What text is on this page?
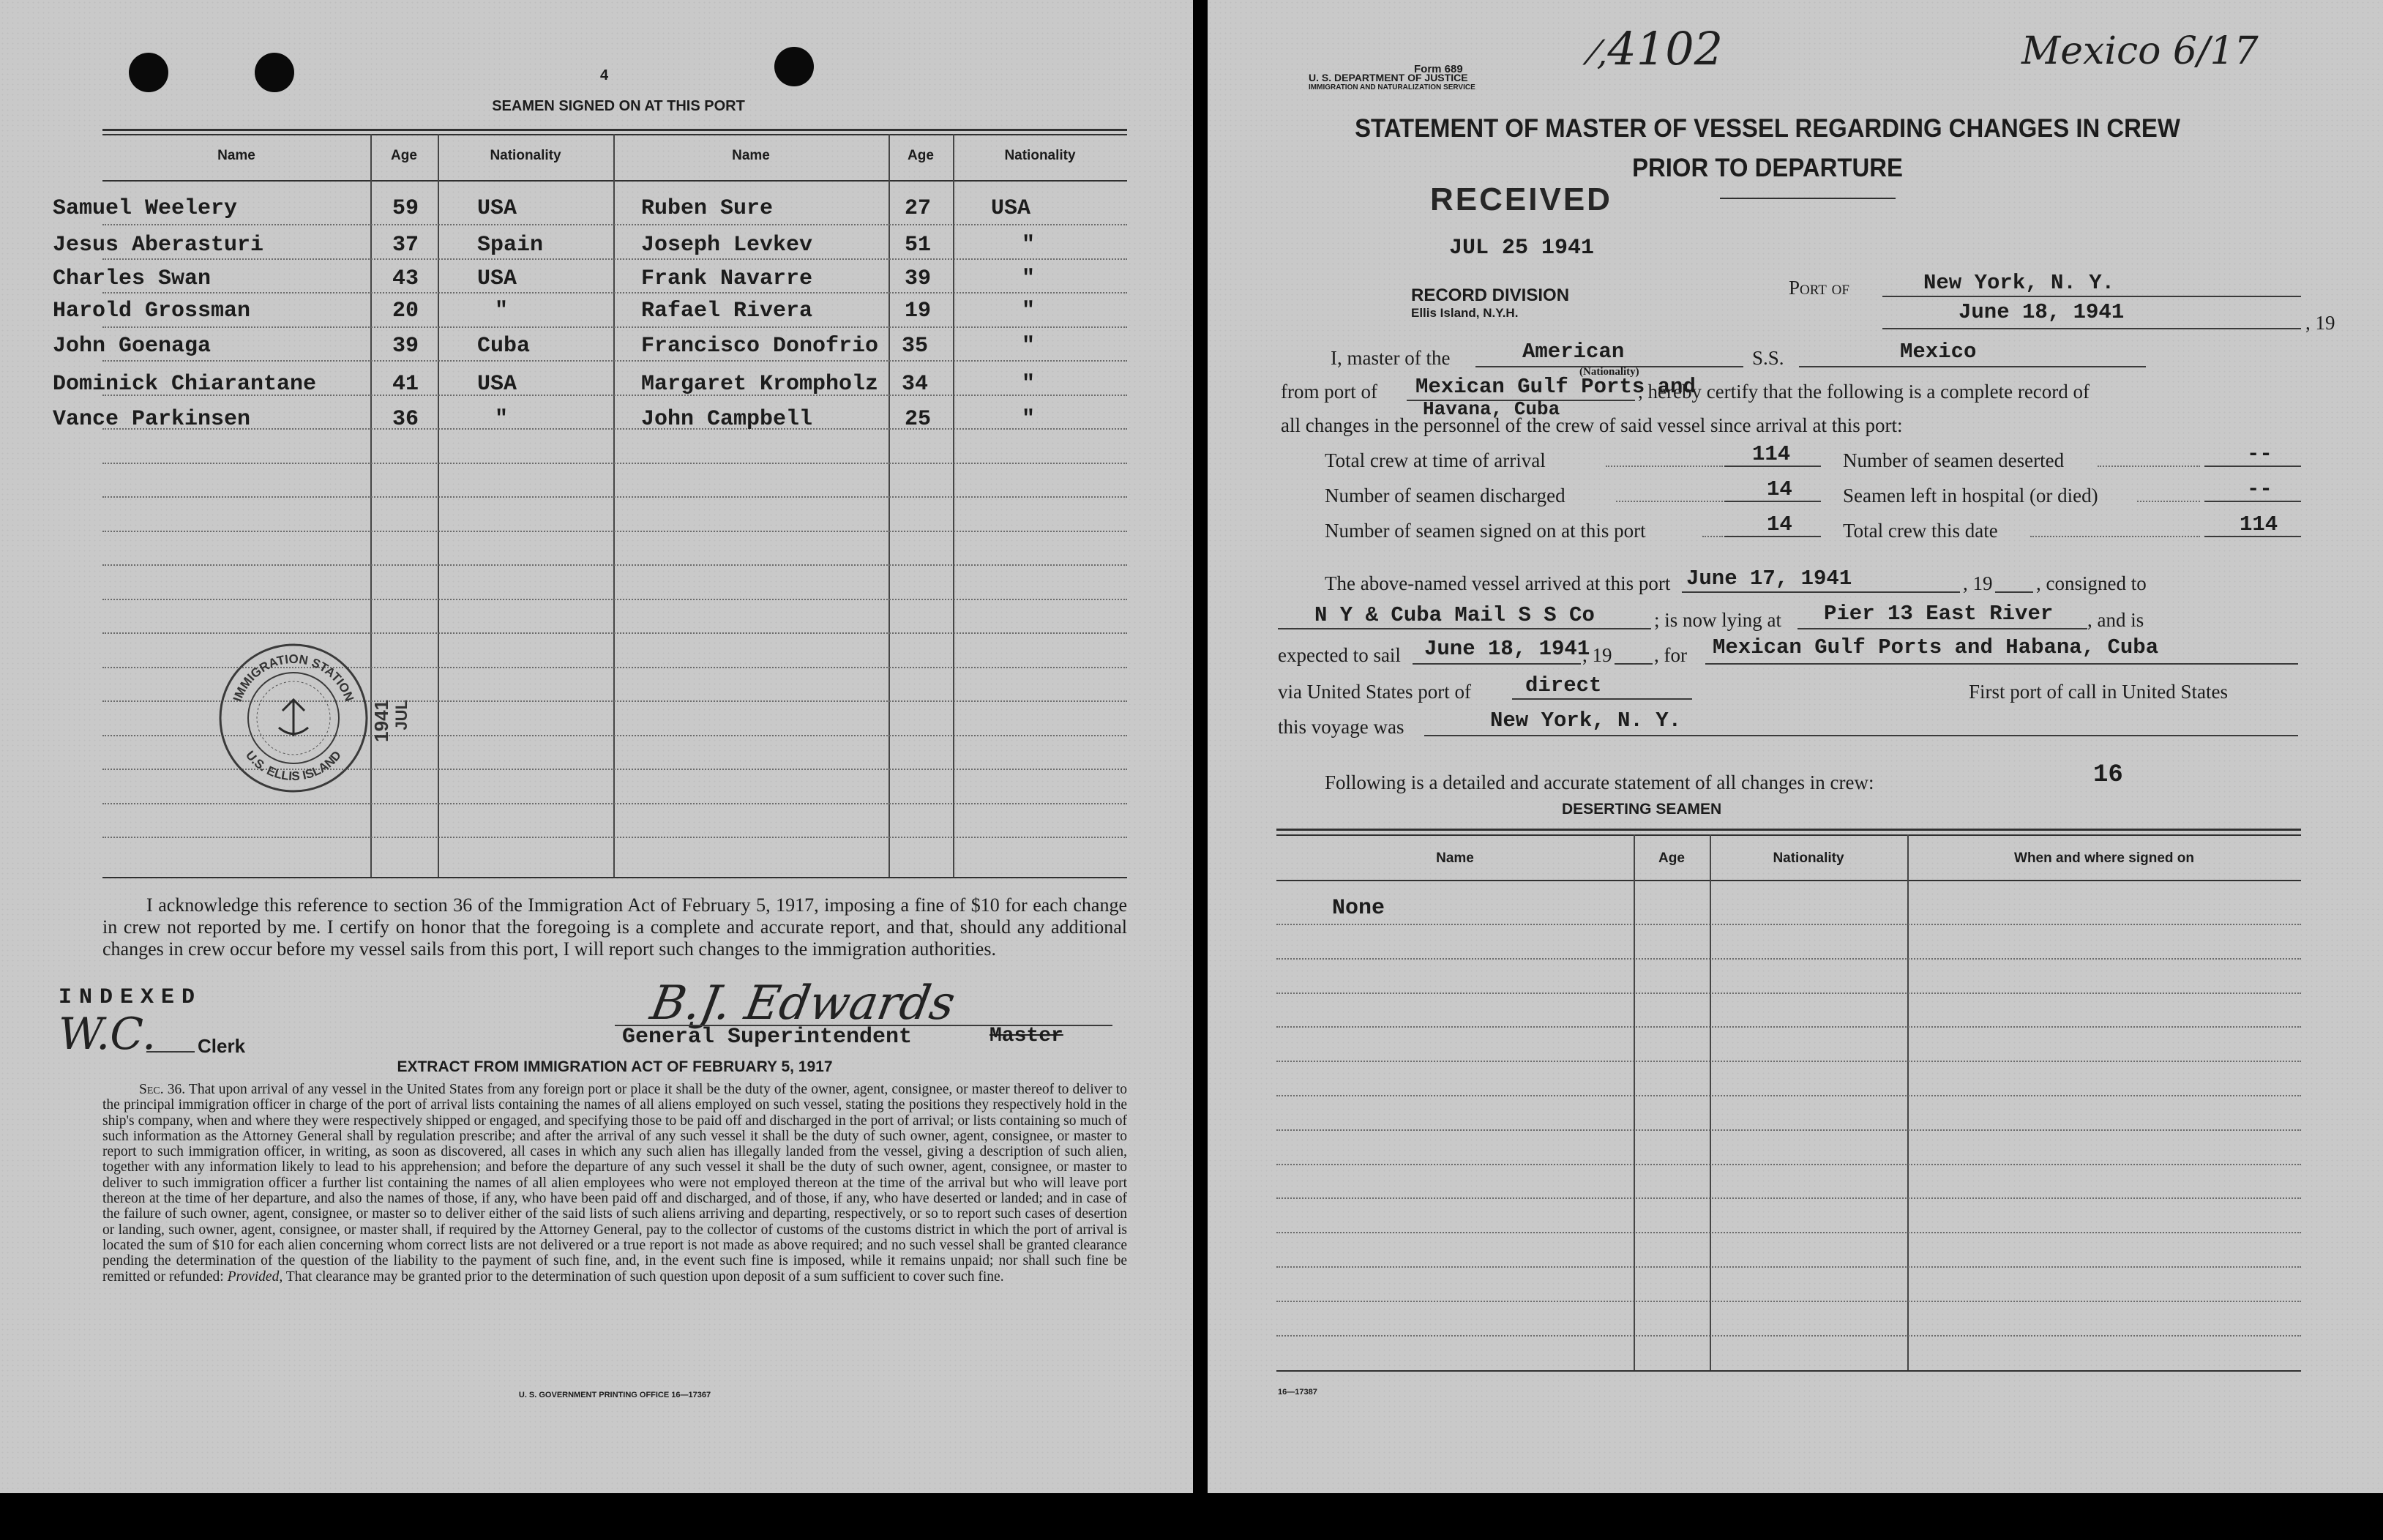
4
SEAMEN SIGNED ON AT THIS PORT
Name	Age	Nationality	Name	Age	Nationality
Samuel Weelery	59	USA	Ruben Sure	27	USA
Jesus Aberasturi	37	Spain	Joseph Levkev	51	"
Charles Swan	43	USA	Frank Navarre	39	"
Harold Grossman	20	"	Rafael Rivera	19	"
John Goenaga	39	Cuba	Francisco Donofrio 35	"
Dominick Chiarantane	41	USA	Margaret Krompholz 34	"
Vance Parkinsen	36	"	John Campbell	25	"
IMMIGRATION STATION
U.S. ELLIS ISLAND
1941 JUL
I acknowledge this reference to section 36 of the Immigration Act of February 5, 1917, imposing a fine of $10 for each change in crew not reported by me. I certify on honor that the foregoing is a complete and accurate report, and that, should any additional changes in crew occur before my vessel sails from this port, I will report such changes to the immigration authorities.
INDEXED
W.C. Clerk
B.J. Edwards
General Superintendent	Master
EXTRACT FROM IMMIGRATION ACT OF FEBRUARY 5, 1917
Sec. 36. That upon arrival of any vessel in the United States from any foreign port or place it shall be the duty of the owner, agent, consignee, or master thereof to deliver to the principal immigration officer in charge of the port of arrival lists containing the names of all aliens employed on such vessel, stating the positions they respectively hold in the ship's company, when and where they were respectively shipped or engaged, and specifying those to be paid off and discharged in the port of arrival; or lists containing so much of such information as the Attorney General shall by regulation prescribe; and after the arrival of any such vessel it shall be the duty of such owner, agent, consignee, or master to report to such immigration officer, in writing, as soon as discovered, all cases in which any such alien has illegally landed from the vessel, giving a description of such alien, together with any information likely to lead to his apprehension; and before the departure of any such vessel it shall be the duty of such owner, agent, consignee, or master to deliver to such immigration officer a further list containing the names of all alien employees who were not employed thereon at the time of the arrival but who will leave port thereon at the time of her departure, and also the names of those, if any, who have been paid off and discharged, and of those, if any, who have deserted or landed; and in case of the failure of such owner, agent, consignee, or master so to deliver either of the said lists of such aliens arriving and departing, respectively, or so to report such cases of desertion or landing, such owner, agent, consignee, or master shall, if required by the Attorney General, pay to the collector of customs of the customs district in which the port of arrival is located the sum of $10 for each alien concerning whom correct lists are not delivered or a true report is not made as above required; and no such vessel shall be granted clearance pending the determination of the question of the liability to the payment of such fine, and, in the event such fine is imposed, while it remains unpaid; nor shall such fine be remitted or refunded: Provided, That clearance may be granted prior to the determination of such question upon deposit of a sum sufficient to cover such fine.
U. S. GOVERNMENT PRINTING OFFICE 16—17367
Form 689
U. S. DEPARTMENT OF JUSTICE
IMMIGRATION AND NATURALIZATION SERVICE
⁄,4102	Mexico 6/17
STATEMENT OF MASTER OF VESSEL REGARDING CHANGES IN CREW
PRIOR TO DEPARTURE
RECEIVED
JUL 25 1941
RECORD DIVISION
Ellis Island, N.Y.H.
Port of	New York, N. Y.
June 18, 1941	, 19
I, master of the	American
(Nationality)
S.S.	Mexico
from port of Mexican Gulf Ports and
Havana, Cuba
, hereby certify that the following is a complete record of
all changes in the personnel of the crew of said vessel since arrival at this port:
Total crew at time of arrival	114
Number of seamen discharged	14
Number of seamen signed on at this port	14
Number of seamen deserted	--
Seamen left in hospital (or died)	--
Total crew this date	114
The above-named vessel arrived at this port June 17, 1941	, 19 , consigned to
N Y & Cuba Mail S S Co	; is now lying at Pier 13 East River , and is
expected to sail June 18, 1941
, 19 , for Mexican Gulf Ports and Habana, Cuba
via United States port of	direct	First port of call in United States
this voyage was	New York, N. Y.
Following is a detailed and accurate statement of all changes in crew:	16
DESERTING SEAMEN
Name	Age	Nationality	When and where signed on
None
16—17387
